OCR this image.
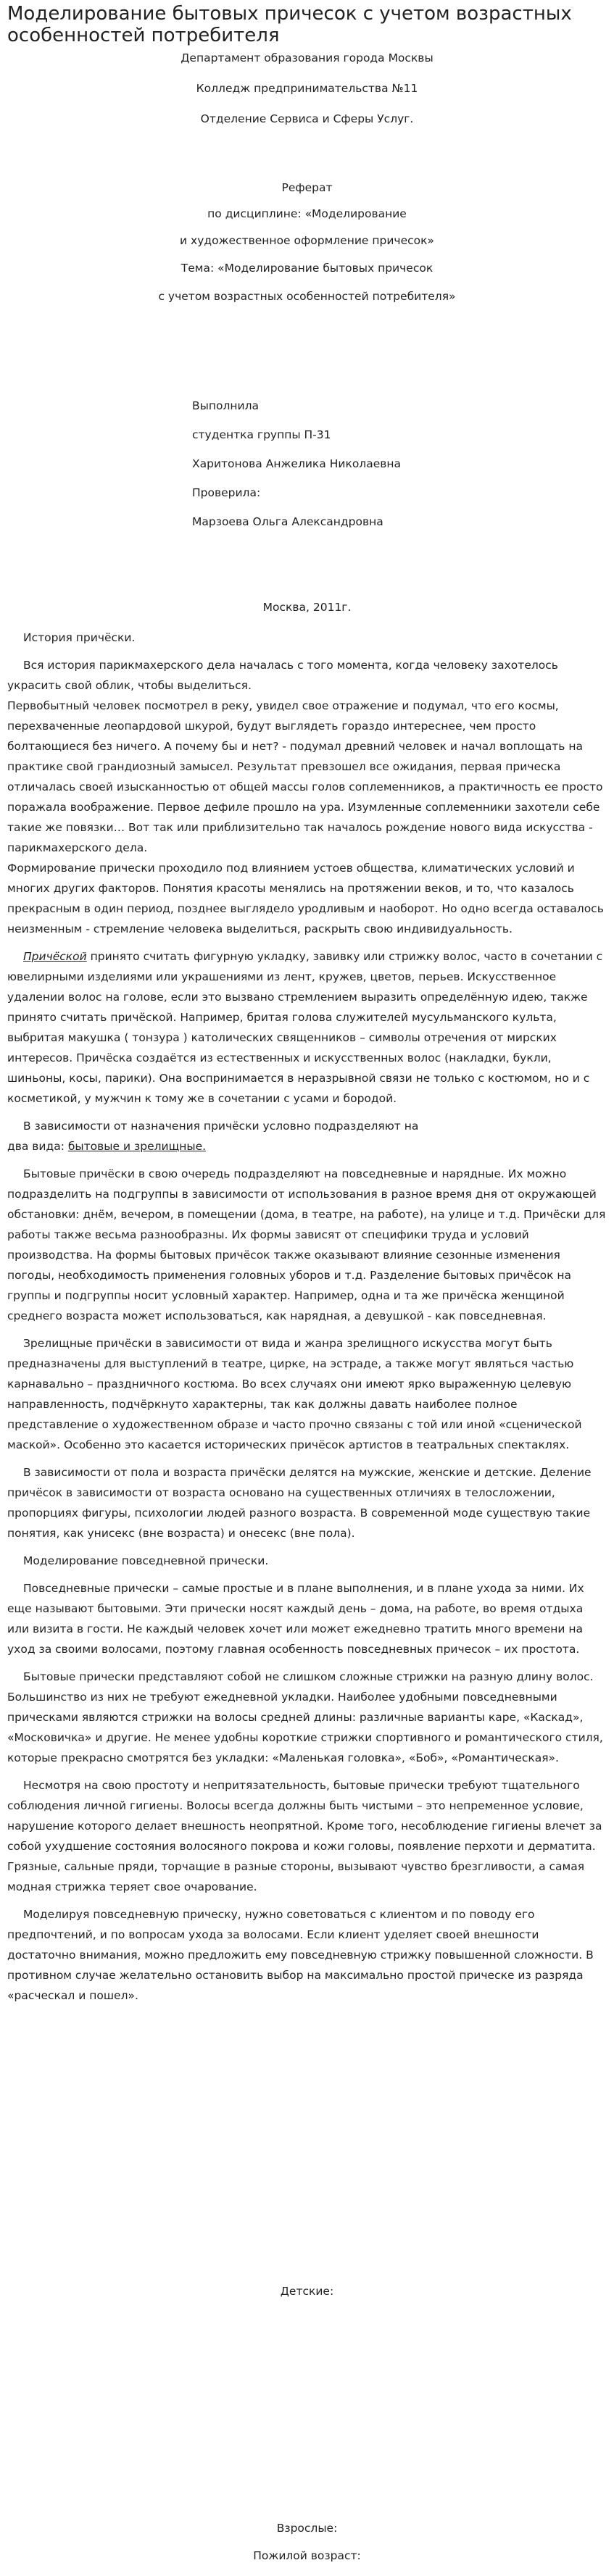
Моделирование бытовых причесок с учетом возрастных особенностей потребителя
Департамент образования города Москвы
Колледж предпринимательства №11
Отделение Сервиса и Сферы Услуг.
Реферат
по дисциплине: «Моделирование
и художественное оформление причесок»
Тема: «Моделирование бытовых причесок
с учетом возрастных особенностей потребителя»
Выполнила
студентка группы П-31
Харитонова Анжелика Николаевна
Проверила:
Марзоева Ольга Александровна
Москва, 2011г.

История причёски.

Вся история парикмахерского дела началась с того момента, когда человеку захотелось украсить свой облик, чтобы выделиться.

Первобытный человек посмотрел в реку, увидел свое отражение и подумал, что его космы, перехваченные леопардовой шкурой, будут выглядеть гораздо интереснее, чем просто болтающиеся без ничего. А почему бы и нет? - подумал древний человек и начал воплощать на практике свой грандиозный замысел. Результат превзошел все ожидания, первая прическа отличалась своей изысканностью от общей массы голов соплеменников, а практичность ее просто поражала воображение. Первое дефиле прошло на ура. Изумленные соплеменники захотели себе такие же повязки… Вот так или приблизительно так началось рождение нового вида искусства - парикмахерского дела.

Формирование прически проходило под влиянием устоев общества, климатических условий и многих других факторов. Понятия красоты менялись на протяжении веков, и то, что казалось прекрасным в один период, позднее выглядело уродливым и наоборот. Но одно всегда оставалось неизменным - стремление человека выделиться, раскрыть свою индивидуальность.

Причёской принято считать фигурную укладку, завивку или стрижку волос, часто в сочетании с ювелирными изделиями или украшениями из лент, кружев, цветов, перьев. Искусственное удалении волос на голове, если это вызвано стремлением выразить определённую идею, также принято считать причёской. Например, бритая голова служителей мусульманского культа, выбритая макушка ( тонзура ) католических священников – символы отречения от мирских интересов. Причёска создаётся из естественных и искусственных волос (накладки, букли, шиньоны, косы, парики). Она воспринимается в неразрывной связи не только с костюмом, но и с косметикой, у мужчин к тому же в сочетании с усами и бородой.

В зависимости от назначения причёски условно подразделяют на
два вида: бытовые и зрелищные.

Бытовые причёски в свою очередь подразделяют на повседневные и нарядные. Их можно подразделить на подгруппы в зависимости от использования в разное время дня от окружающей обстановки: днём, вечером, в помещении (дома, в театре, на работе), на улице и т.д. Причёски для работы также весьма разнообразны. Их формы зависят от специфики труда и условий производства. На формы бытовых причёсок также оказывают влияние сезонные изменения погоды, необходимость применения головных уборов и т.д. Разделение бытовых причёсок на группы и подгруппы носит условный характер. Например, одна и та же причёска женщиной среднего возраста может использоваться, как нарядная, а девушкой - как повседневная.

Зрелищные причёски в зависимости от вида и жанра зрелищного искусства могут быть предназначены для выступлений в театре, цирке, на эстраде, а также могут являться частью карнавально – праздничного костюма. Во всех случаях они имеют ярко выраженную целевую направленность, подчёркнуто характерны, так как должны давать наиболее полное представление о художественном образе и часто прочно связаны с той или иной «сценической маской». Особенно это касается исторических причёсок артистов в театральных спектаклях.

В зависимости от пола и возраста причёски делятся на мужские, женские и детские. Деление причёсок в зависимости от возраста основано на существенных отличиях в телосложении, пропорциях фигуры, психологии людей разного возраста. В современной моде существую такие понятия, как унисекс (вне возраста) и онесекс (вне пола).

Моделирование повседневной прически.

Повседневные прически – самые простые и в плане выполнения, и в плане ухода за ними. Их еще называют бытовыми. Эти прически носят каждый день – дома, на работе, во время отдыха или визита в гости. Не каждый человек хочет или может ежедневно тратить много времени на уход за своими волосами, поэтому главная особенность повседневных причесок – их простота.

Бытовые прически представляют собой не слишком сложные стрижки на разную длину волос. Большинство из них не требуют ежедневной укладки. Наиболее удобными повседневными прическами являются стрижки на волосы средней длины: различные варианты каре, «Каскад», «Московичка» и другие. Не менее удобны короткие стрижки спортивного и романтического стиля, которые прекрасно смотрятся без укладки: «Маленькая головка», «Боб», «Романтическая».

Несмотря на свою простоту и непритязательность, бытовые прически требуют тщательного соблюдения личной гигиены. Волосы всегда должны быть чистыми – это непременное условие, нарушение которого делает внешность неопрятной. Кроме того, несоблюдение гигиены влечет за собой ухудшение состояния волосяного покрова и кожи головы, появление перхоти и дерматита. Грязные, сальные пряди, торчащие в разные стороны, вызывают чувство брезгливости, а самая модная стрижка теряет свое очарование.

Моделируя повседневную прическу, нужно советоваться с клиентом и по поводу его предпочтений, и по вопросам ухода за волосами. Если клиент уделяет своей внешности достаточно внимания, можно предложить ему повседневную стрижку повышенной сложности. В противном случае желательно остановить выбор на максимально простой прическе из разряда «расческал и пошел».

Детские:
Взрослые:
Пожилой возраст:
